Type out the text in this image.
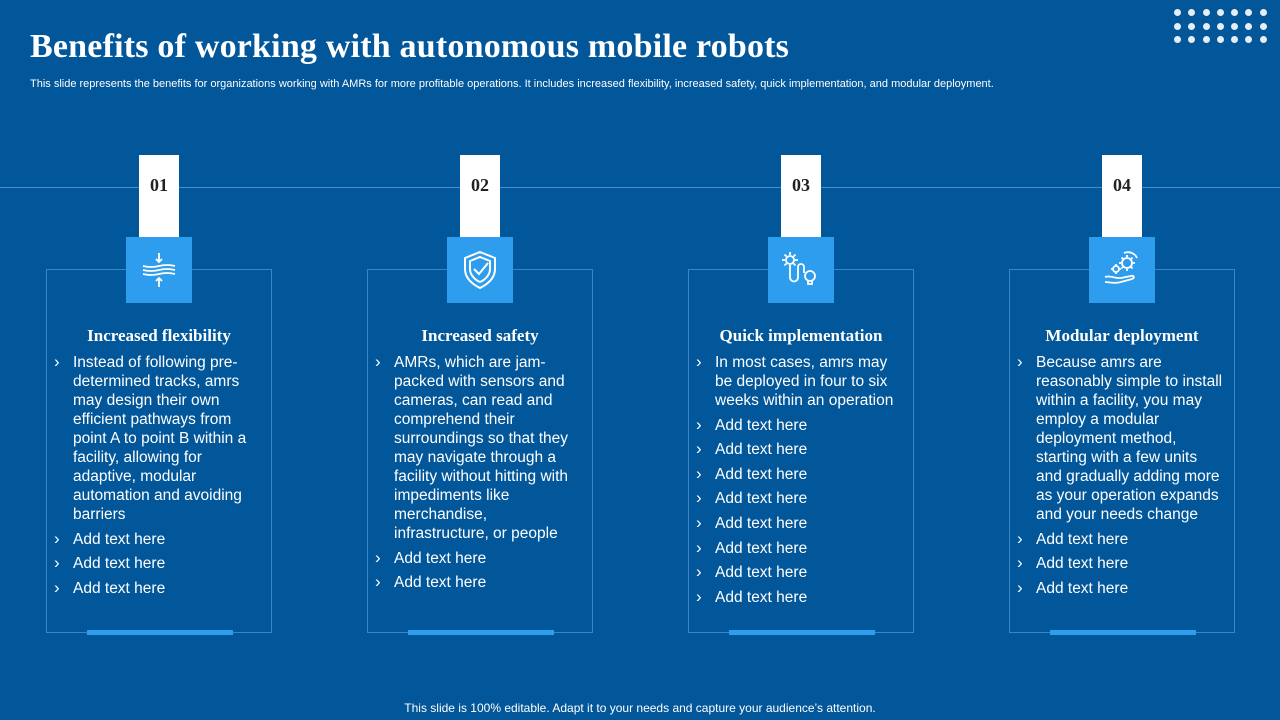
Benefits of working with autonomous mobile robots
This slide represents the benefits for organizations working with AMRs for more profitable operations. It includes increased flexibility, increased safety, quick implementation, and modular deployment.
01
Increased flexibility
› Instead of following pre-determined tracks, amrs may design their own efficient pathways from point A to point B within a facility, allowing for adaptive, modular automation and avoiding barriers
› Add text here
› Add text here
› Add text here
02
Increased safety
› AMRs, which are jam-packed with sensors and cameras, can read and comprehend their surroundings so that they may navigate through a facility without hitting with impediments like merchandise, infrastructure, or people
› Add text here
› Add text here
03
Quick implementation
› In most cases, amrs may be deployed in four to six weeks within an operation
› Add text here
› Add text here
› Add text here
› Add text here
› Add text here
› Add text here
› Add text here
› Add text here
04
Modular deployment
› Because amrs are reasonably simple to install within a facility, you may employ a modular deployment method, starting with a few units and gradually adding more as your operation expands and your needs change
› Add text here
› Add text here
› Add text here
This slide is 100% editable. Adapt it to your needs and capture your audience’s attention.
